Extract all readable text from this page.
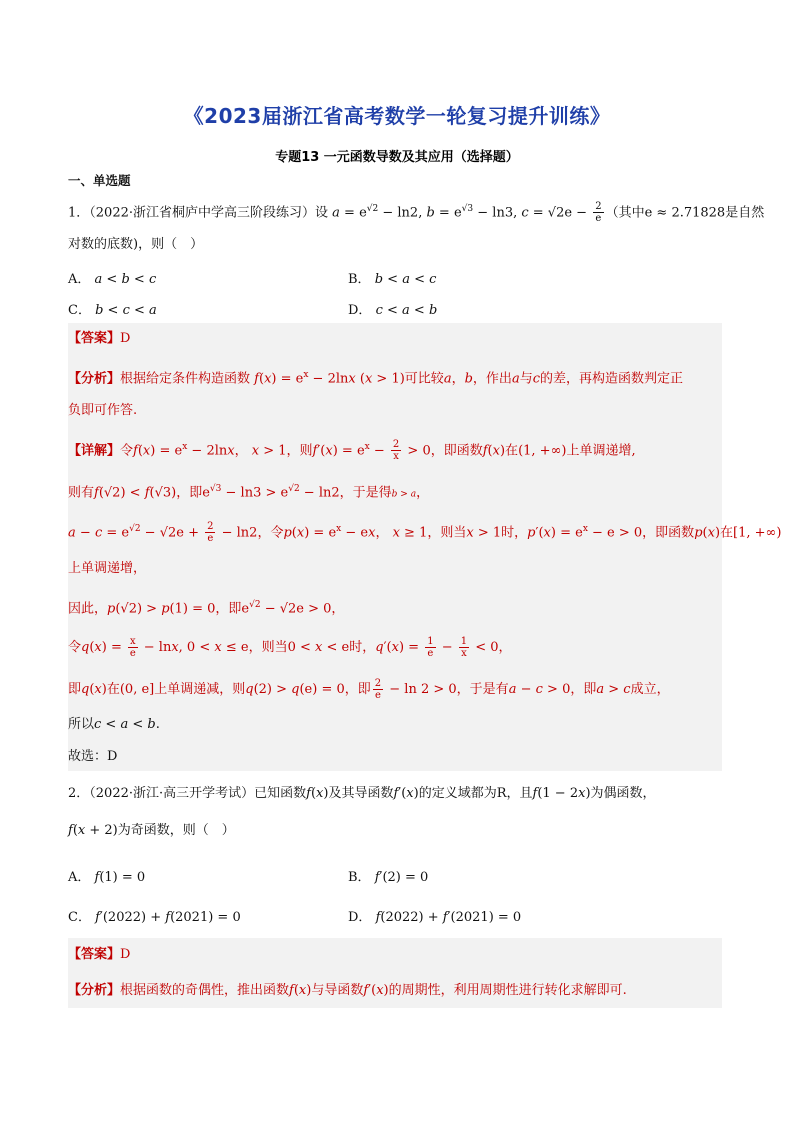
《2023届浙江省高考数学一轮复习提升训练》
专题13 一元函数导数及其应用（选择题）
一、单选题
1．（2022·浙江省桐庐中学高三阶段练习）设 $a = e^{√2} - \ln 2$, $b = e^{√3} - \ln 3$, $c = √2e - \frac{2}{e}$ （其中e ≈ 2.71828是自然
对数的底数)，则（　）
A． a < b < c	B． b < a < c
C． b < c < a	D． c < a < b
【答案】D
【分析】根据给定条件构造函数 $f(x) = e^x - 2\ln x$ (x > 1)可比较a，b，作出a与c的差，再构造函数判定正
负即可作答.
【详解】令$f(x) = e^x - 2\ln x$， x > 1，则$f'(x) = e^x - \frac{2}{x} > 0$，即函数f(x)在(1, +∞)上单调递增,
则有f(√2) < f(√3)，即$e^{√3} - \ln 3 > e^{√2} - \ln 2$，于是得b > a，
$a - c = e^{√2} - √2e + \frac{2}{e} - \ln 2$，令$p(x) = e^x$ − ex， x ≥ 1，则当x > 1时，$p'(x) = e^x - e > 0$，即函数p(x)在[1, +∞)
上单调递增，
因此，p(√2) > p(1) = 0，即$e^{√2} - √2e > 0$，
令$q(x) = \frac{x}{e} - \ln x$, 0 < x ≤ e，则当0 < x < e时，$q'(x) = \frac{1}{e} - \frac{1}{x} < 0$，
即q(x)在(0, e]上单调递减，则q(2) > q(e) = 0，即 $\frac{2}{e} - \ln 2 > 0$，于是有a − c > 0，即a > c成立，
所以c < a < b.
故选：D
2．（2022·浙江·高三开学考试）已知函数f(x)及其导函数f′(x)的定义域都为R，且f(1 − 2x)为偶函数，
f(x + 2)为奇函数，则（　）
A． f(1) = 0	B． f′(2) = 0
C． f′(2022) + f(2021) = 0	D． f(2022) + f′(2021) = 0
【答案】D
【分析】根据函数的奇偶性，推出函数f(x)与导函数f′(x)的周期性，利用周期性进行转化求解即可.
